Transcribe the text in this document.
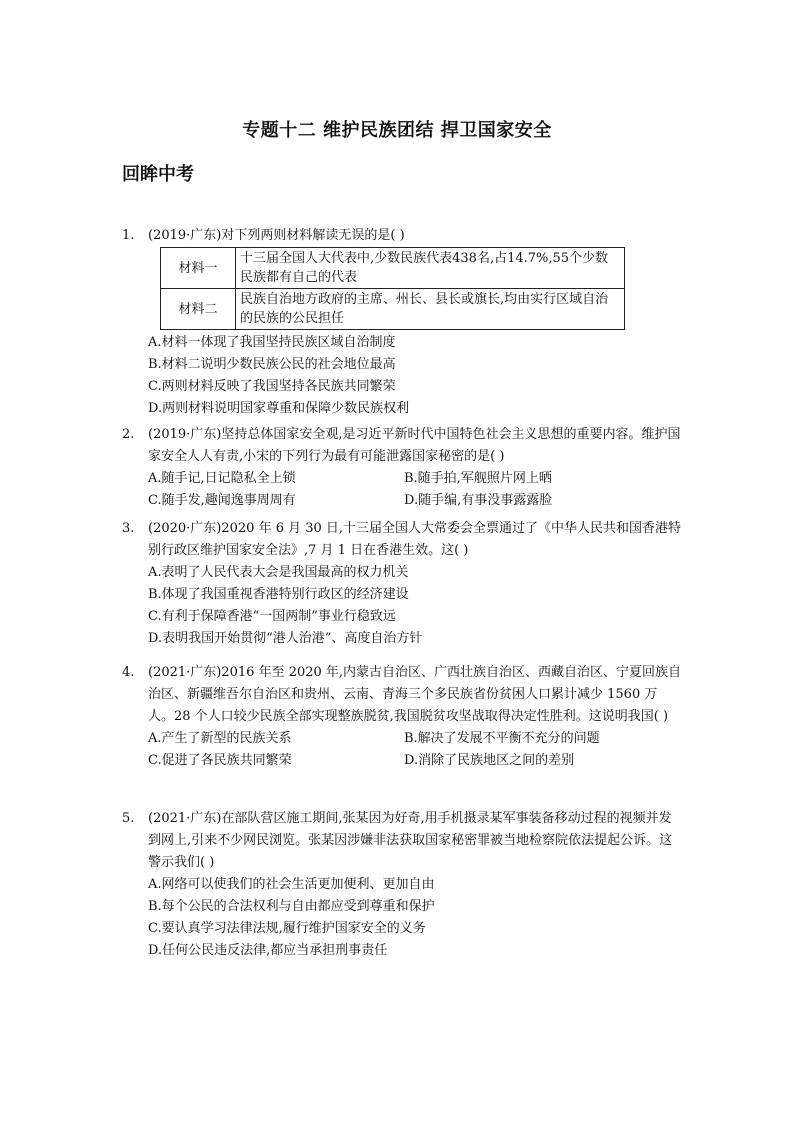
专题十二 维护民族团结 捍卫国家安全
回眸中考
1.	(2019·广东)对下列两则材料解读无误的是( )
材料一	十三届全国人大代表中,少数民族代表438名,占14.7%,55个少数民族都有自己的代表
材料二	民族自治地方政府的主席、州长、县长或旗长,均由实行区域自治的民族的公民担任
A.材料一体现了我国坚持民族区域自治制度
B.材料二说明少数民族公民的社会地位最高
C.两则材料反映了我国坚持各民族共同繁荣
D.两则材料说明国家尊重和保障少数民族权利
2.	(2019·广东)坚持总体国家安全观,是习近平新时代中国特色社会主义思想的重要内容。维护国家安全人人有责,小宋的下列行为最有可能泄露国家秘密的是( )
A.随手记,日记隐私全上锁	B.随手拍,军舰照片网上晒
C.随手发,趣闻逸事周周有	D.随手编,有事没事露露脸
3.	(2020·广东)2020 年 6 月 30 日,十三届全国人大常委会全票通过了《中华人民共和国香港特别行政区维护国家安全法》,7 月 1 日在香港生效。这( )
A.表明了人民代表大会是我国最高的权力机关
B.体现了我国重视香港特别行政区的经济建设
C.有利于保障香港“一国两制”事业行稳致远
D.表明我国开始贯彻“港人治港”、高度自治方针
4.	(2021·广东)2016 年至 2020 年,内蒙古自治区、广西壮族自治区、西藏自治区、宁夏回族自治区、新疆维吾尔自治区和贵州、云南、青海三个多民族省份贫困人口累计减少 1560 万人。28 个人口较少民族全部实现整族脱贫,我国脱贫攻坚战取得决定性胜利。这说明我国( )
A.产生了新型的民族关系	B.解决了发展不平衡不充分的问题
C.促进了各民族共同繁荣	D.消除了民族地区之间的差别
5.	(2021·广东)在部队营区施工期间,张某因为好奇,用手机摄录某军事装备移动过程的视频并发到网上,引来不少网民浏览。张某因涉嫌非法获取国家秘密罪被当地检察院依法提起公诉。这警示我们( )
A.网络可以使我们的社会生活更加便利、更加自由
B.每个公民的合法权利与自由都应受到尊重和保护
C.要认真学习法律法规,履行维护国家安全的义务
D.任何公民违反法律,都应当承担刑事责任
